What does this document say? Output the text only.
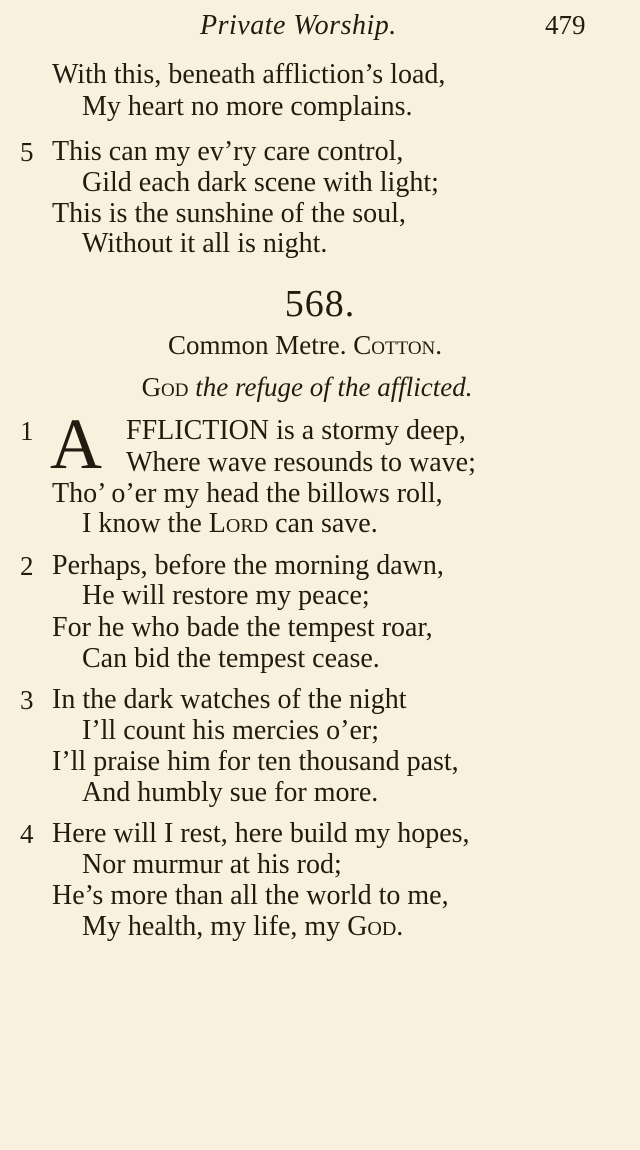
Private Worship.	479
With this, beneath affliction’s load,
My heart no more complains.
5 This can my ev’ry care control,
Gild each dark scene with light;
This is the sunshine of the soul,
Without it all is night.
568.
Common Metre. Cotton.
God the refuge of the afflicted.
1 A FFLICTION is a stormy deep,
Where wave resounds to wave;
Tho’ o’er my head the billows roll,
I know the Lord can save.
2 Perhaps, before the morning dawn,
He will restore my peace;
For he who bade the tempest roar,
Can bid the tempest cease.
3 In the dark watches of the night
I’ll count his mercies o’er;
I’ll praise him for ten thousand past,
And humbly sue for more.
4 Here will I rest, here build my hopes,
Nor murmur at his rod;
He’s more than all the world to me,
My health, my life, my God.
